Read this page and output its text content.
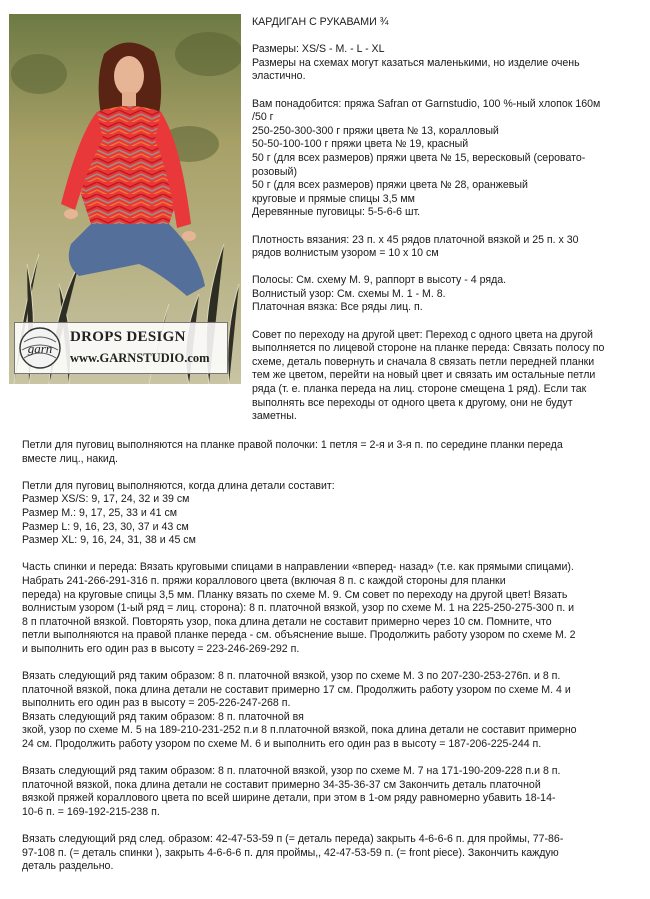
garn
DROPS DESIGN
www.GARNSTUDIO.com

КАРДИГАН С РУКАВАМИ ¾

Размеры: XS/S - M. - L - XL

Размеры на схемах могут казаться маленькими, но изделие очень

эластично.

Вам понадобится: пряжа Safran от Garnstudio, 100 %-ный хлопок 160м

/50 г

250-250-300-300 г пряжи цвета № 13, коралловый

50-50-100-100 г пряжи цвета № 19, красный

50 г (для всех размеров) пряжи цвета № 15, вересковый (серовато-

розовый)

50 г (для всех размеров) пряжи цвета № 28, оранжевый

круговые и прямые спицы 3,5 мм

Деревянные пуговицы: 5-5-6-6 шт.

Плотность вязания: 23 п. х 45 рядов платочной вязкой и 25 п. х 30

рядов волнистым узором = 10 х 10 см

Полосы: См. схему М. 9, раппорт в высоту - 4 ряда.

Волнистый узор: См. схемы М. 1 - М. 8.

Платочная вязка: Все ряды лиц. п.

Совет по переходу на другой цвет: Переход с одного цвета на другой

выполняется по лицевой стороне на планке переда: Связать полосу по

схеме, деталь повернуть и сначала 8 связать петли передней планки

тем же цветом, перейти на новый цвет и связать им остальные петли

ряда (т. е. планка переда на лиц. стороне смещена 1 ряд). Если так

выполнять все переходы от одного цвета к другому, они не будут

заметны.

Петли для пуговиц выполняются на планке правой полочки: 1 петля = 2-я и 3-я п. по середине планки переда

вместе лиц., накид.

Петли для пуговиц выполняются, когда длина детали составит:

Размер XS/S: 9, 17, 24, 32 и 39 см

Размер M.: 9, 17, 25, 33 и 41 см

Размер L: 9, 16, 23, 30, 37 и 43 см

Размер XL: 9, 16, 24, 31, 38 и 45 см

Часть спинки и переда: Вязать круговыми спицами в направлении «вперед- назад» (т.е. как прямыми спицами).

Набрать 241-266-291-316 п. пряжи кораллового цвета (включая 8 п. с каждой стороны для планки

переда) на круговые спицы 3,5 мм. Планку вязать по схеме М. 9. См совет по переходу на другой цвет! Вязать

волнистым узором (1-ый ряд = лиц. сторона): 8 п. платочной вязкой, узор по схеме М. 1 на 225-250-275-300 п. и

8 п платочной вязкой. Повторять узор, пока длина детали не составит примерно через 10 см. Помните, что

петли выполняются на правой планке переда - см. объяснение выше. Продолжить работу узором по схеме М. 2

и выполнить его один раз в высоту = 223-246-269-292 п.

Вязать следующий ряд таким образом: 8 п. платочной вязкой, узор по схеме М. 3 по 207-230-253-276п. и 8 п.

платочной вязкой, пока длина детали не составит примерно 17 см. Продолжить работу узором по схеме М. 4 и

выполнить его один раз в высоту = 205-226-247-268 п.

Вязать следующий ряд таким образом: 8 п. платочной вя

зкой, узор по схеме М. 5 на 189-210-231-252 п.и 8 п.платочной вязкой, пока длина детали не составит примерно

24 см. Продолжить работу узором по схеме М. 6 и выполнить его один раз в высоту = 187-206-225-244 п.

Вязать следующий ряд таким образом: 8 п. платочной вязкой, узор по схеме М. 7 на 171-190-209-228 п.и 8 п.

платочной вязкой, пока длина детали не составит примерно 34-35-36-37 см Закончить деталь платочной

вязкой пряжей кораллового цвета по всей ширине детали, при этом в 1-ом ряду равномерно убавить 18-14-

10-6 п. = 169-192-215-238 п.

Вязать следующий ряд след. образом: 42-47-53-59 п (= деталь переда) закрыть 4-6-6-6 п. для проймы, 77-86-

97-108 п. (= деталь спинки ), закрыть 4-6-6-6 п. для проймы,, 42-47-53-59 п. (= front piece). Закончить каждую

деталь раздельно.
